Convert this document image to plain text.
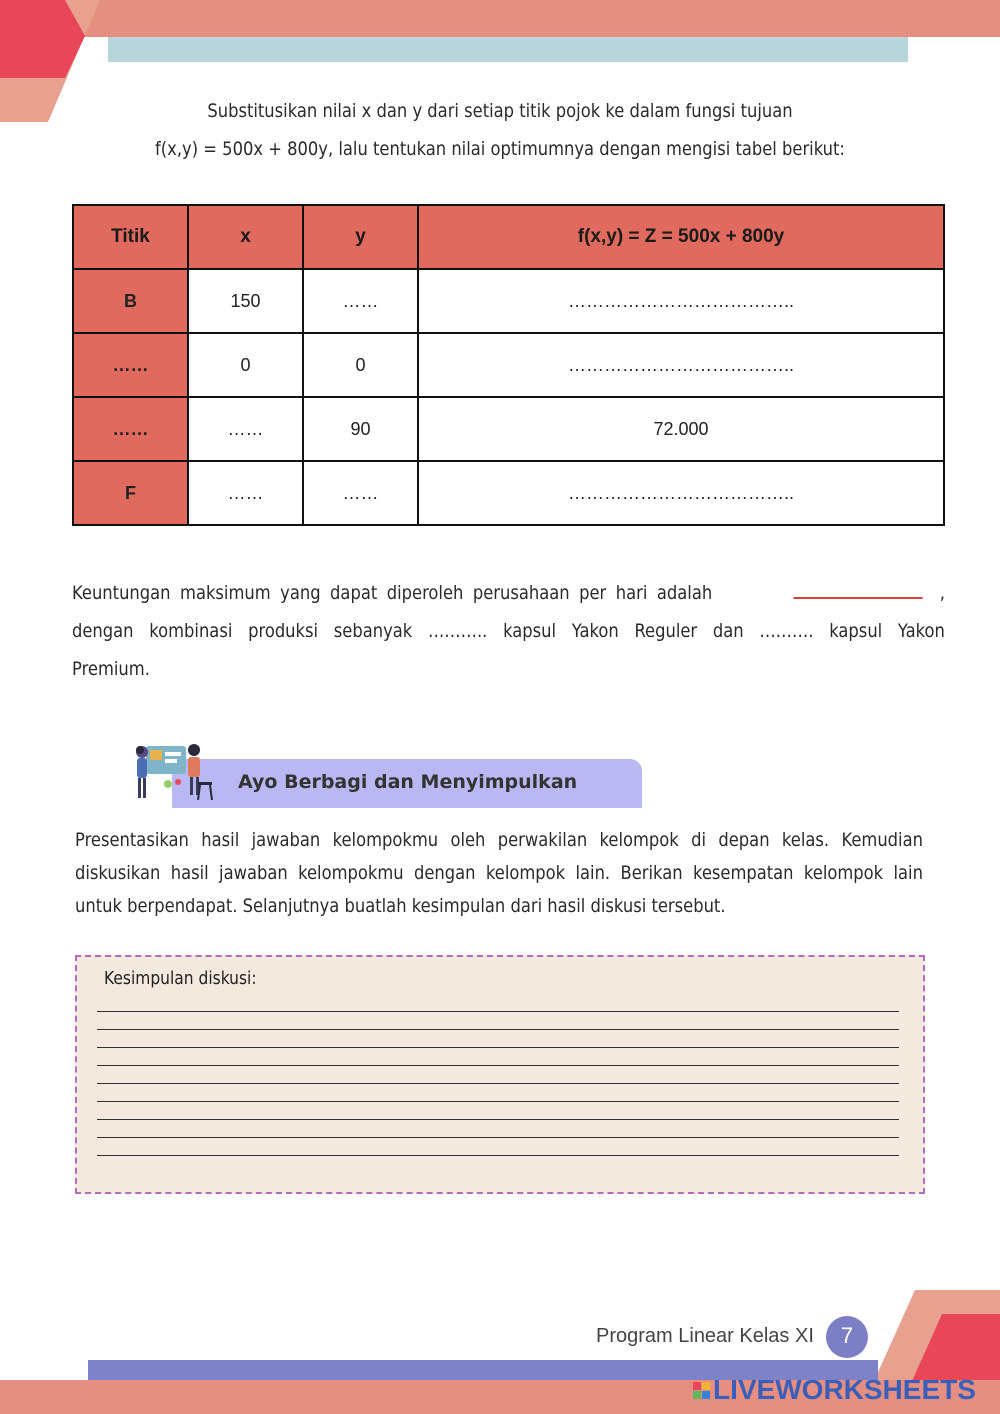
Substitusikan nilai x dan y dari setiap titik pojok ke dalam fungsi tujuan

f(x,y) = 500x + 800y, lalu tentukan nilai optimumnya dengan mengisi tabel berikut:

Titik	x	y	f(x,y) = Z = 500x + 800y
B	150	……	………………………………..
……	0	0	………………………………..
……	……	90	72.000
F	……	……	………………………………..
Keuntungan maksimum yang dapat diperoleh perusahaan per hari adalah	,
dengan kombinasi produksi sebanyak ……….. kapsul Yakon Reguler dan ………. kapsul Yakon
Premium.
Ayo Berbagi dan Menyimpulkan
Presentasikan hasil jawaban kelompokmu oleh perwakilan kelompok di depan kelas. Kemudian diskusikan hasil jawaban kelompokmu dengan kelompok lain. Berikan kesempatan kelompok lain untuk berpendapat. Selanjutnya buatlah kesimpulan dari hasil diskusi tersebut.
Kesimpulan diskusi:
Program Linear Kelas XI	7
LIVEWORKSHEETS
